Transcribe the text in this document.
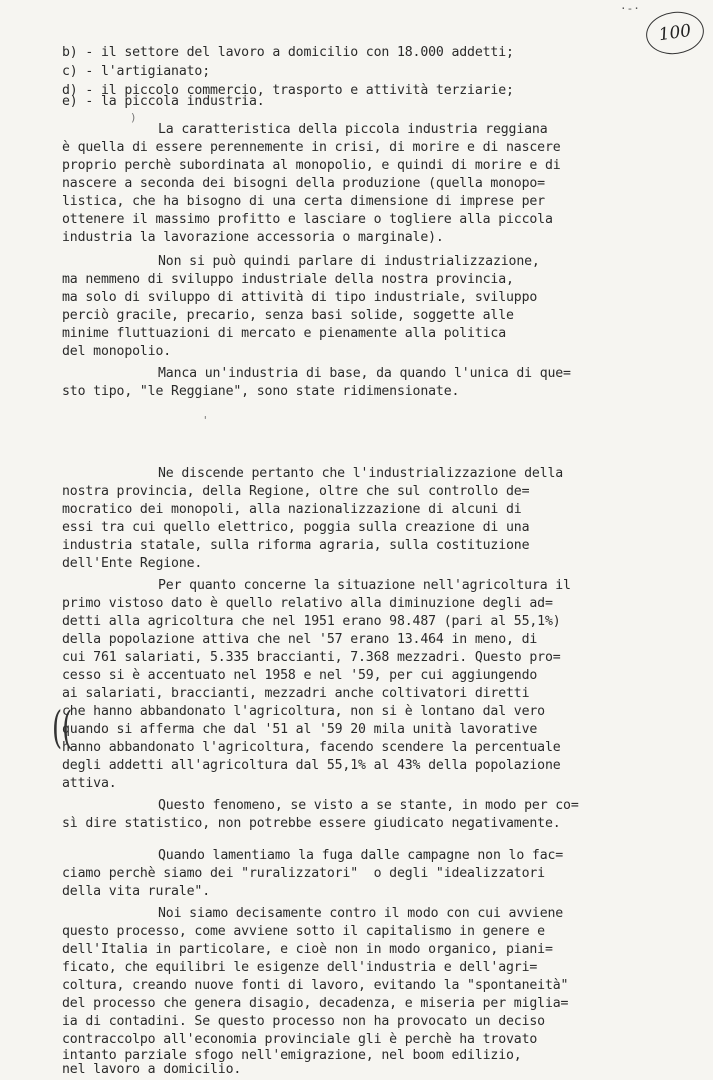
·-·
100
b) - il settore del lavoro a domicilio con 18.000 addetti;
c) - l'artigianato;
d) - il piccolo commercio, trasporto e attività terziarie;
e) - la piccola industria.
)
La caratteristica della piccola industria reggiana
è quella di essere perennemente in crisi, di morire e di nascere
proprio perchè subordinata al monopolio, e quindi di morire e di
nascere a seconda dei bisogni della produzione (quella monopo=
listica, che ha bisogno di una certa dimensione di imprese per
ottenere il massimo profitto e lasciare o togliere alla piccola
industria la lavorazione accessoria o marginale).
Non si può quindi parlare di industrializzazione,
ma nemmeno di sviluppo industriale della nostra provincia,
ma solo di sviluppo di attività di tipo industriale, sviluppo
perciò gracile, precario, senza basi solide, soggette alle
minime fluttuazioni di mercato e pienamente alla politica
del monopolio.
Manca un'industria di base, da quando l'unica di que=
sto tipo, "le Reggiane", sono state ridimensionate.
'
Ne discende pertanto che l'industrializzazione della
nostra provincia, della Regione, oltre che sul controllo de=
mocratico dei monopoli, alla nazionalizzazione di alcuni di
essi tra cui quello elettrico, poggia sulla creazione di una
industria statale, sulla riforma agraria, sulla costituzione
dell'Ente Regione.
Per quanto concerne la situazione nell'agricoltura il
primo vistoso dato è quello relativo alla diminuzione degli ad=
detti alla agricoltura che nel 1951 erano 98.487 (pari al 55,1%)
della popolazione attiva che nel '57 erano 13.464 in meno, di
cui 761 salariati, 5.335 braccianti, 7.368 mezzadri. Questo pro=
cesso si è accentuato nel 1958 e nel '59, per cui aggiungendo
ai salariati, braccianti, mezzadri anche coltivatori diretti
che hanno abbandonato l'agricoltura, non si è lontano dal vero
quando si afferma che dal '51 al '59 20 mila unità lavorative
hanno abbandonato l'agricoltura, facendo scendere la percentuale
degli addetti all'agricoltura dal 55,1% al 43% della popolazione
attiva.
((
Questo fenomeno, se visto a se stante, in modo per co=
sì dire statistico, non potrebbe essere giudicato negativamente.
Quando lamentiamo la fuga dalle campagne non lo fac=
ciamo perchè siamo dei "ruralizzatori"  o degli "idealizzatori
della vita rurale".
Noi siamo decisamente contro il modo con cui avviene
questo processo, come avviene sotto il capitalismo in genere e
dell'Italia in particolare, e cioè non in modo organico, piani=
ficato, che equilibri le esigenze dell'industria e dell'agri=
coltura, creando nuove fonti di lavoro, evitando la "spontaneità"
del processo che genera disagio, decadenza, e miseria per miglia=
ia di contadini. Se questo processo non ha provocato un deciso
contraccolpo all'economia provinciale gli è perchè ha trovato
intanto parziale sfogo nell'emigrazione, nel boom edilizio,
nel lavoro a domicilio.
